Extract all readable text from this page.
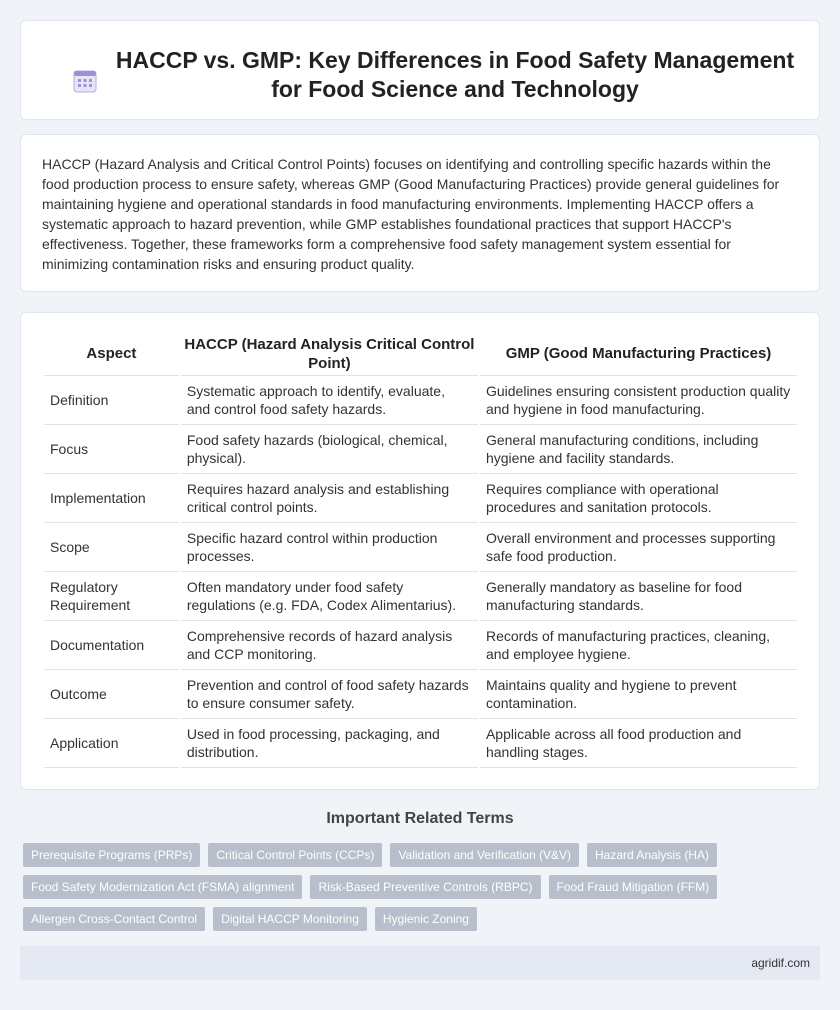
HACCP vs. GMP: Key Differences in Food Safety Management for Food Science and Technology

HACCP (Hazard Analysis and Critical Control Points) focuses on identifying and controlling specific hazards within the food production process to ensure safety, whereas GMP (Good Manufacturing Practices) provide general guidelines for maintaining hygiene and operational standards in food manufacturing environments. Implementing HACCP offers a systematic approach to hazard prevention, while GMP establishes foundational practices that support HACCP's effectiveness. Together, these frameworks form a comprehensive food safety management system essential for minimizing contamination risks and ensuring product quality.

Aspect	HACCP (Hazard Analysis Critical Control Point)	GMP (Good Manufacturing Practices)
Definition	Systematic approach to identify, evaluate, and control food safety hazards.	Guidelines ensuring consistent production quality and hygiene in food manufacturing.
Focus	Food safety hazards (biological, chemical, physical).	General manufacturing conditions, including hygiene and facility standards.
Implementation	Requires hazard analysis and establishing critical control points.	Requires compliance with operational procedures and sanitation protocols.
Scope	Specific hazard control within production processes.	Overall environment and processes supporting safe food production.
Regulatory Requirement	Often mandatory under food safety regulations (e.g. FDA, Codex Alimentarius).	Generally mandatory as baseline for food manufacturing standards.
Documentation	Comprehensive records of hazard analysis and CCP monitoring.	Records of manufacturing practices, cleaning, and employee hygiene.
Outcome	Prevention and control of food safety hazards to ensure consumer safety.	Maintains quality and hygiene to prevent contamination.
Application	Used in food processing, packaging, and distribution.	Applicable across all food production and handling stages.
Important Related Terms
Prerequisite Programs (PRPs)	Critical Control Points (CCPs)	Validation and Verification (V&V)	Hazard Analysis (HA)
Food Safety Modernization Act (FSMA) alignment	Risk-Based Preventive Controls (RBPC)	Food Fraud Mitigation (FFM)
Allergen Cross-Contact Control	Digital HACCP Monitoring	Hygienic Zoning
agridif.com
